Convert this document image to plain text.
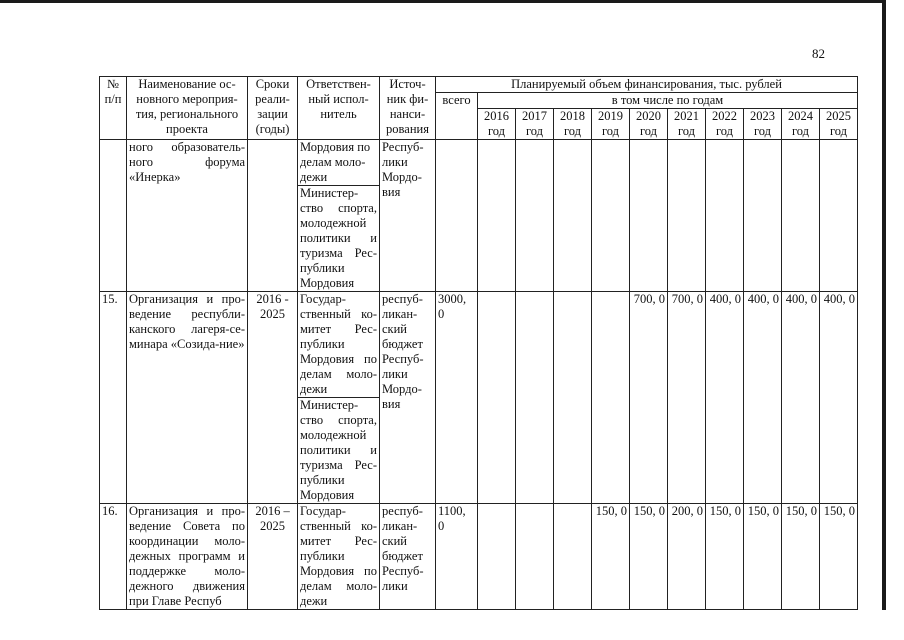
82
№ п/п	Наименование ос-новного мероприя-тия, регионального проекта	Сроки реали-зации (годы)	Ответствен-ный испол-нитель	Источ-ник фи-нанси-рования	Планируемый объем финансирования, тыс. рублей										
					всего	в том числе по годам									
						2016 год	2017 год	2018 год	2019 год	2020 год	2021 год	2022 год	2023 год	2024 год	2025 год
	ного образователь-ного форума «Инерка»		Мордовия по делам моло-дежи	Респуб-лики Мордо-вия											
			Министер-ство спорта, молодежной политики и туризма Рес-публики Мордовия												
15.	Организация и про-ведение республи-канского лагеря-се-минара «Созида-ние»	2016 - 2025	Государ-ственный ко-митет Рес-публики Мордовия по делам моло-дежи	респуб-ликан-ский бюджет Респуб-лики Мордо-вия	3000, 0					700, 0	700, 0	400, 0	400, 0	400, 0	400, 0
			Министер-ство спорта, молодежной политики и туризма Рес-публики Мордовия												
16.	Организация и про-ведение Совета по координации моло-дежных программ и поддержке моло-дежного движения при Главе Респуб	2016 – 2025	Государ-ственный ко-митет Рес-публики Мордовия по делам моло-дежи	респуб-ликан-ский бюджет Респуб-лики	1100, 0				150, 0	150, 0	200, 0	150, 0	150, 0	150, 0	150, 0
